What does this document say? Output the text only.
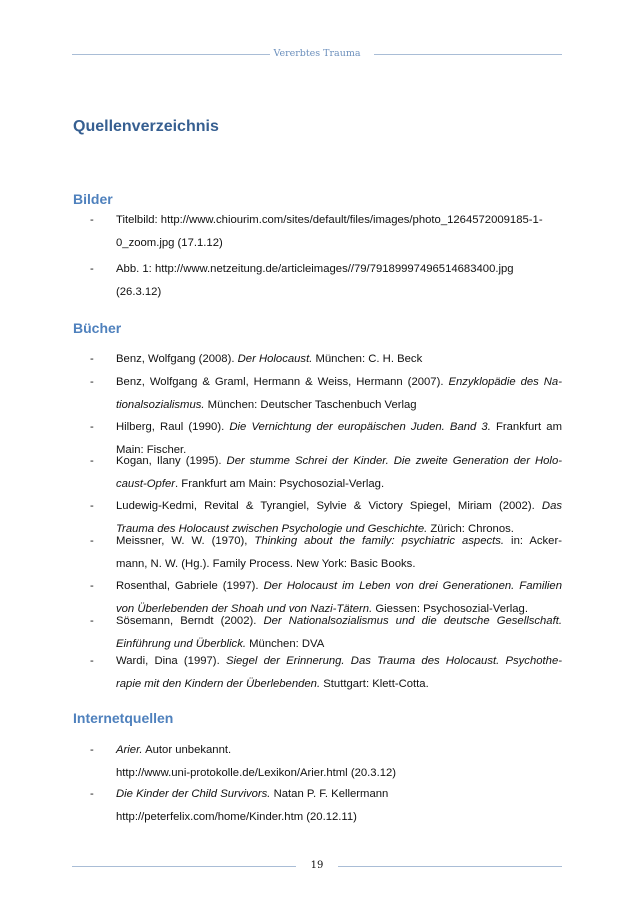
Vererbtes Trauma
Quellenverzeichnis
Bilder
-	Titelbild: http://www.chiourim.com/sites/default/files/images/photo_1264572009185-1-
0_zoom.jpg (17.1.12)
-	Abb. 1: http://www.netzeitung.de/articleimages//79/79189997496514683400.jpg
(26.3.12)
Bücher
-	Benz, Wolfgang (2008). Der Holocaust. München: C. H. Beck
-	Benz, Wolfgang & Graml, Hermann & Weiss, Hermann (2007). Enzyklopädie des Na-
tionalsozialismus. München: Deutscher Taschenbuch Verlag
-	Hilberg, Raul (1990). Die Vernichtung der europäischen Juden. Band 3. Frankfurt am
Main: Fischer.
-	Kogan, Ilany (1995). Der stumme Schrei der Kinder. Die zweite Generation der Holo-
caust-Opfer. Frankfurt am Main: Psychosozial-Verlag.
-	Ludewig-Kedmi, Revital & Tyrangiel, Sylvie & Victory Spiegel, Miriam (2002). Das
Trauma des Holocaust zwischen Psychologie und Geschichte. Zürich: Chronos.
-	Meissner, W. W. (1970), Thinking about the family: psychiatric aspects. in: Acker-
mann, N. W. (Hg.). Family Process. New York: Basic Books.
-	Rosenthal, Gabriele (1997). Der Holocaust im Leben von drei Generationen. Familien
von Überlebenden der Shoah und von Nazi-Tätern. Giessen: Psychosozial-Verlag.
-	Sösemann, Berndt (2002). Der Nationalsozialismus und die deutsche Gesellschaft.
Einführung und Überblick. München: DVA
-	Wardi, Dina (1997). Siegel der Erinnerung. Das Trauma des Holocaust. Psychothe-
rapie mit den Kindern der Überlebenden. Stuttgart: Klett-Cotta.
Internetquellen
-	Arier. Autor unbekannt.
http://www.uni-protokolle.de/Lexikon/Arier.html (20.3.12)
-	Die Kinder der Child Survivors. Natan P. F. Kellermann
http://peterfelix.com/home/Kinder.htm (20.12.11)
19
